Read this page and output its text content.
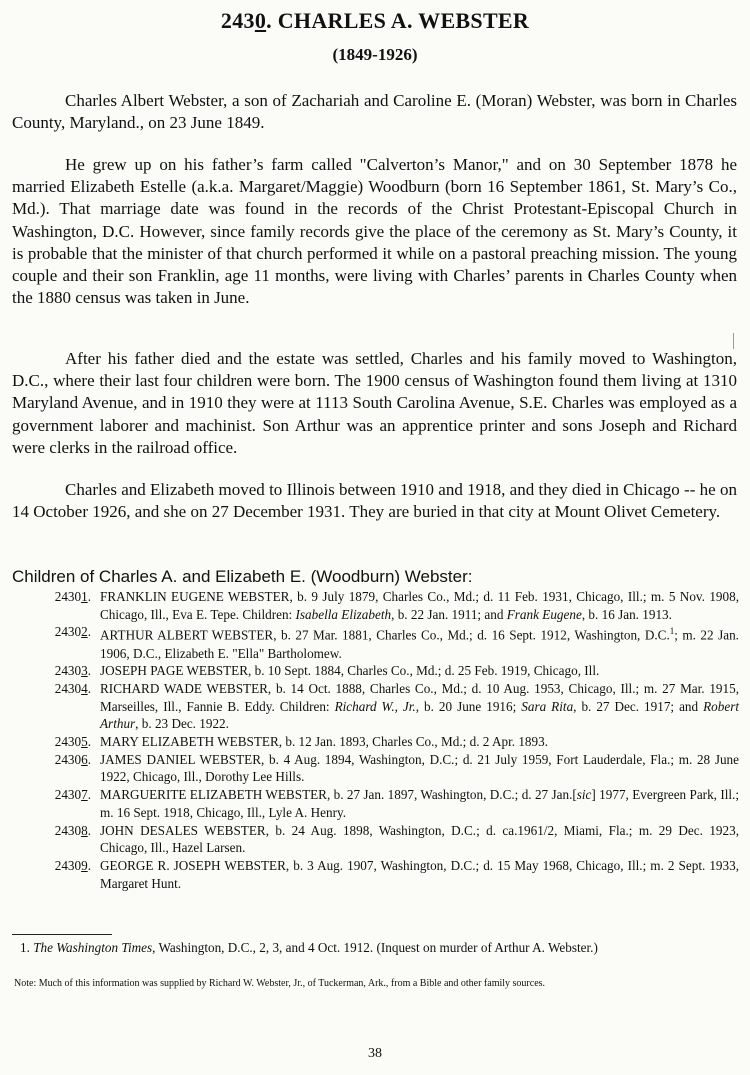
2430. CHARLES A. WEBSTER
(1849-1926)

Charles Albert Webster, a son of Zachariah and Caroline E. (Moran) Webster, was born in Charles County, Maryland., on 23 June 1849.

He grew up on his father’s farm called "Calverton’s Manor," and on 30 September 1878 he married Elizabeth Estelle (a.k.a. Margaret/Maggie) Woodburn (born 16 September 1861, St. Mary’s Co., Md.). That marriage date was found in the records of the Christ Protestant-Episcopal Church in Washington, D.C. However, since family records give the place of the ceremony as St. Mary’s County, it is probable that the minister of that church performed it while on a pastoral preaching mission. The young couple and their son Franklin, age 11 months, were living with Charles’ parents in Charles County when the 1880 census was taken in June.

After his father died and the estate was settled, Charles and his family moved to Washington, D.C., where their last four children were born. The 1900 census of Washington found them living at 1310 Maryland Avenue, and in 1910 they were at 1113 South Carolina Avenue, S.E. Charles was employed as a government laborer and machinist. Son Arthur was an apprentice printer and sons Joseph and Richard were clerks in the railroad office.

Charles and Elizabeth moved to Illinois between 1910 and 1918, and they died in Chicago -- he on 14 October 1926, and she on 27 December 1931. They are buried in that city at Mount Olivet Cemetery.

Children of Charles A. and Elizabeth E. (Woodburn) Webster:
24301. FRANKLIN EUGENE WEBSTER, b. 9 July 1879, Charles Co., Md.; d. 11 Feb. 1931, Chicago, Ill.; m. 5 Nov. 1908, Chicago, Ill., Eva E. Tepe. Children: Isabella Elizabeth, b. 22 Jan. 1911; and Frank Eugene, b. 16 Jan. 1913.
24302. ARTHUR ALBERT WEBSTER, b. 27 Mar. 1881, Charles Co., Md.; d. 16 Sept. 1912, Washington, D.C.$^1$; m. 22 Jan. 1906, D.C., Elizabeth E. "Ella" Bartholomew.
24303. JOSEPH PAGE WEBSTER, b. 10 Sept. 1884, Charles Co., Md.; d. 25 Feb. 1919, Chicago, Ill.
24304. RICHARD WADE WEBSTER, b. 14 Oct. 1888, Charles Co., Md.; d. 10 Aug. 1953, Chicago, Ill.; m. 27 Mar. 1915, Marseilles, Ill., Fannie B. Eddy. Children: Richard W., Jr., b. 20 June 1916; Sara Rita, b. 27 Dec. 1917; and Robert Arthur, b. 23 Dec. 1922.
24305. MARY ELIZABETH WEBSTER, b. 12 Jan. 1893, Charles Co., Md.; d. 2 Apr. 1893.
24306. JAMES DANIEL WEBSTER, b. 4 Aug. 1894, Washington, D.C.; d. 21 July 1959, Fort Lauderdale, Fla.; m. 28 June 1922, Chicago, Ill., Dorothy Lee Hills.
24307. MARGUERITE ELIZABETH WEBSTER, b. 27 Jan. 1897, Washington, D.C.; d. 27 Jan.[sic] 1977, Evergreen Park, Ill.; m. 16 Sept. 1918, Chicago, Ill., Lyle A. Henry.
24308. JOHN DESALES WEBSTER, b. 24 Aug. 1898, Washington, D.C.; d. ca.1961/2, Miami, Fla.; m. 29 Dec. 1923, Chicago, Ill., Hazel Larsen.
24309. GEORGE R. JOSEPH WEBSTER, b. 3 Aug. 1907, Washington, D.C.; d. 15 May 1968, Chicago, Ill.; m. 2 Sept. 1933, Margaret Hunt.
1. The Washington Times, Washington, D.C., 2, 3, and 4 Oct. 1912. (Inquest on murder of Arthur A. Webster.)
Note: Much of this information was supplied by Richard W. Webster, Jr., of Tuckerman, Ark., from a Bible and other family sources.
38
